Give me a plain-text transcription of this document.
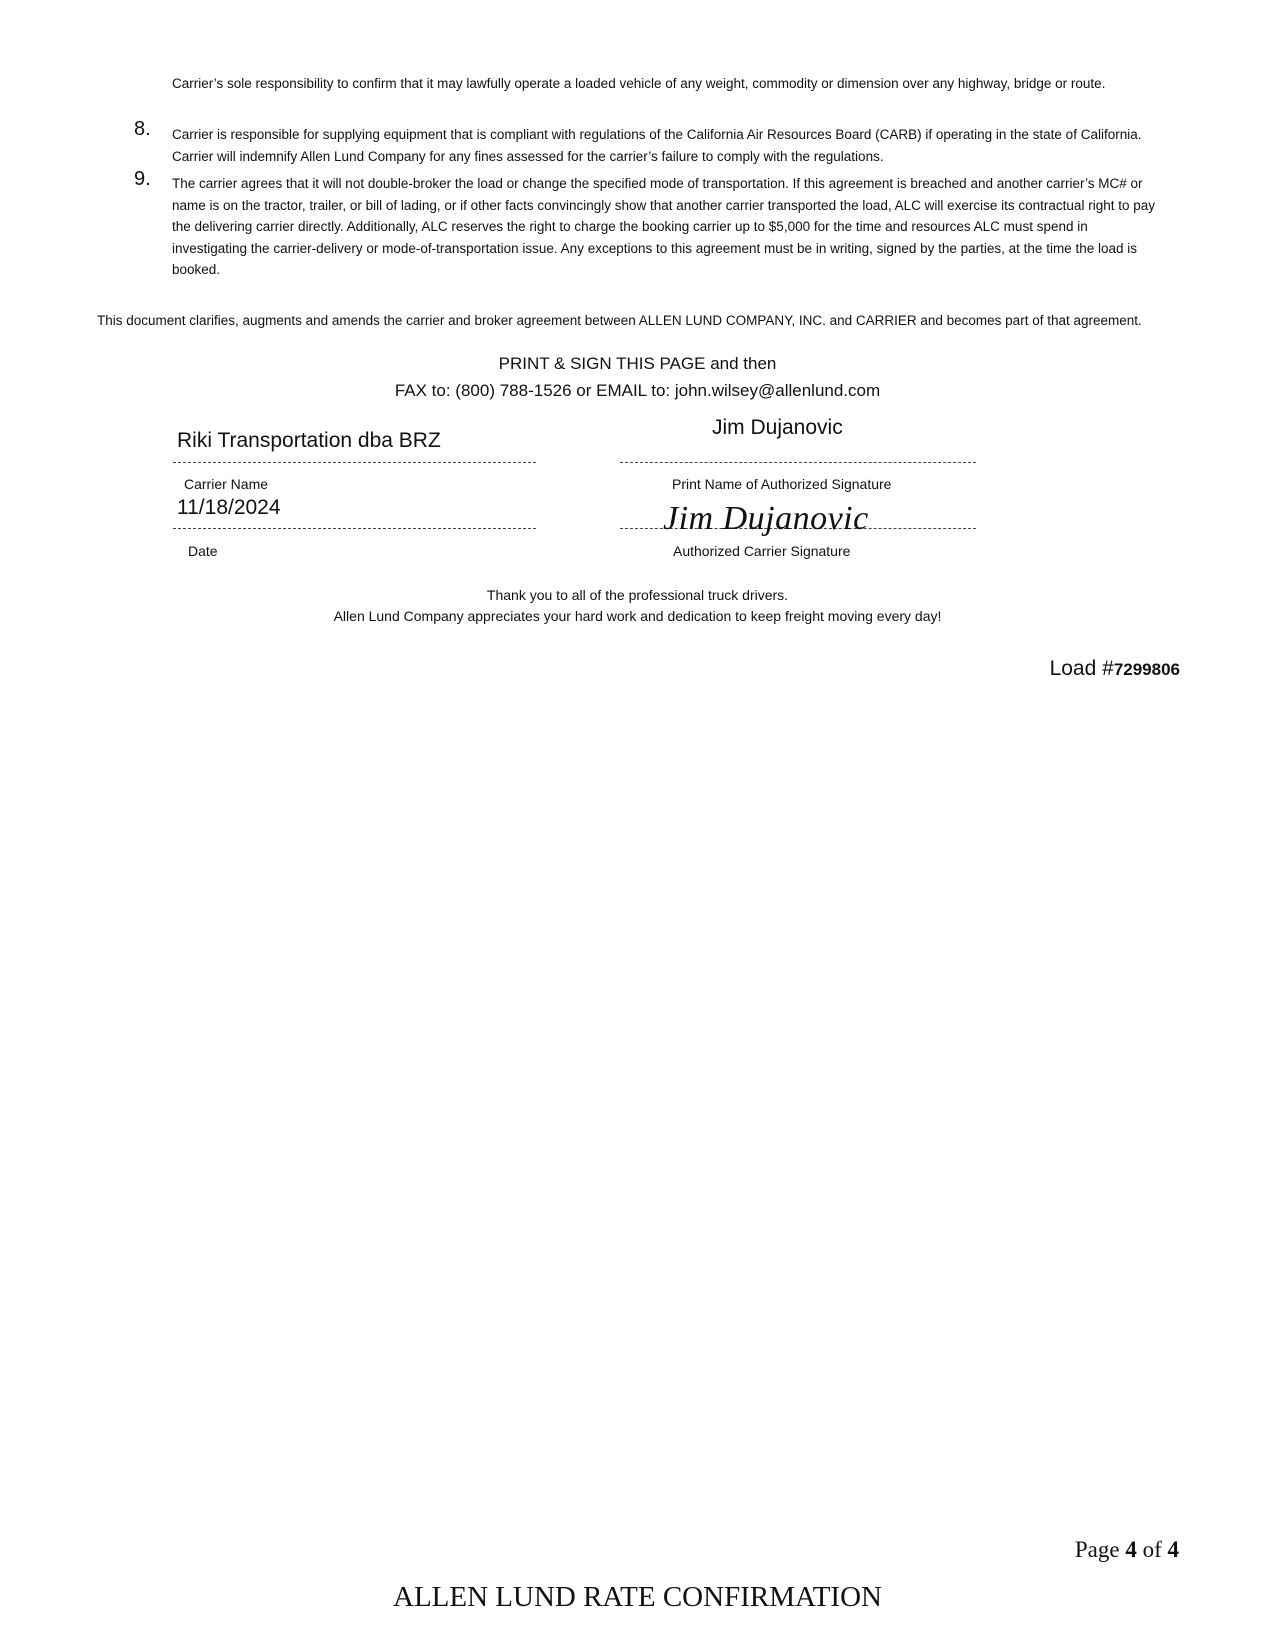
Carrier’s sole responsibility to confirm that it may lawfully operate a loaded vehicle of any weight, commodity or dimension over any highway, bridge or route.
8. Carrier is responsible for supplying equipment that is compliant with regulations of the California Air Resources Board (CARB) if operating in the state of California. Carrier will indemnify Allen Lund Company for any fines assessed for the carrier’s failure to comply with the regulations.
9. The carrier agrees that it will not double-broker the load or change the specified mode of transportation. If this agreement is breached and another carrier’s MC# or name is on the tractor, trailer, or bill of lading, or if other facts convincingly show that another carrier transported the load, ALC will exercise its contractual right to pay the delivering carrier directly. Additionally, ALC reserves the right to charge the booking carrier up to $5,000 for the time and resources ALC must spend in investigating the carrier-delivery or mode-of-transportation issue. Any exceptions to this agreement must be in writing, signed by the parties, at the time the load is booked.
This document clarifies, augments and amends the carrier and broker agreement between ALLEN LUND COMPANY, INC. and CARRIER and becomes part of that agreement.
PRINT & SIGN THIS PAGE and then
FAX to: (800) 788-1526 or EMAIL to: john.wilsey@allenlund.com
Riki Transportation dba BRZ
Carrier Name
Jim Dujanovic
Print Name of Authorized Signature
11/18/2024
Date
Jim Dujanovic
Authorized Carrier Signature
Thank you to all of the professional truck drivers.
Allen Lund Company appreciates your hard work and dedication to keep freight moving every day!
Load #7299806
Page 4 of 4
ALLEN LUND RATE CONFIRMATION
